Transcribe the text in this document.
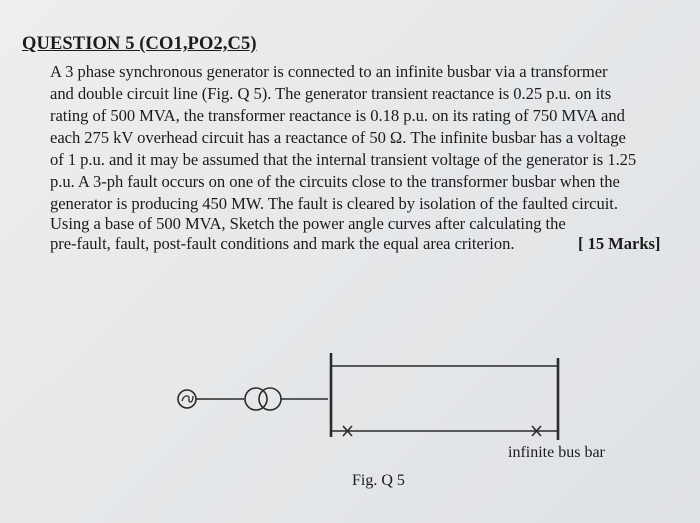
QUESTION 5 (CO1,PO2,C5)
A 3 phase synchronous generator is connected to an infinite busbar via a transformer
and double circuit line (Fig. Q 5). The generator transient reactance is 0.25 p.u. on its
rating of 500 MVA, the transformer reactance is 0.18 p.u. on its rating of 750 MVA and
each 275 kV overhead circuit has a reactance of 50 Ω. The infinite busbar has a voltage
of 1 p.u. and it may be assumed that the internal transient voltage of the generator is 1.25
p.u. A 3-ph fault occurs on one of the circuits close to the transformer busbar when the
generator is producing 450 MW. The fault is cleared by isolation of the faulted circuit.
Using a base of 500 MVA, Sketch the power angle curves after calculating the
pre-fault, fault, post-fault conditions and mark the equal area criterion.	[ 15 Marks]
infinite bus bar
Fig. Q 5
